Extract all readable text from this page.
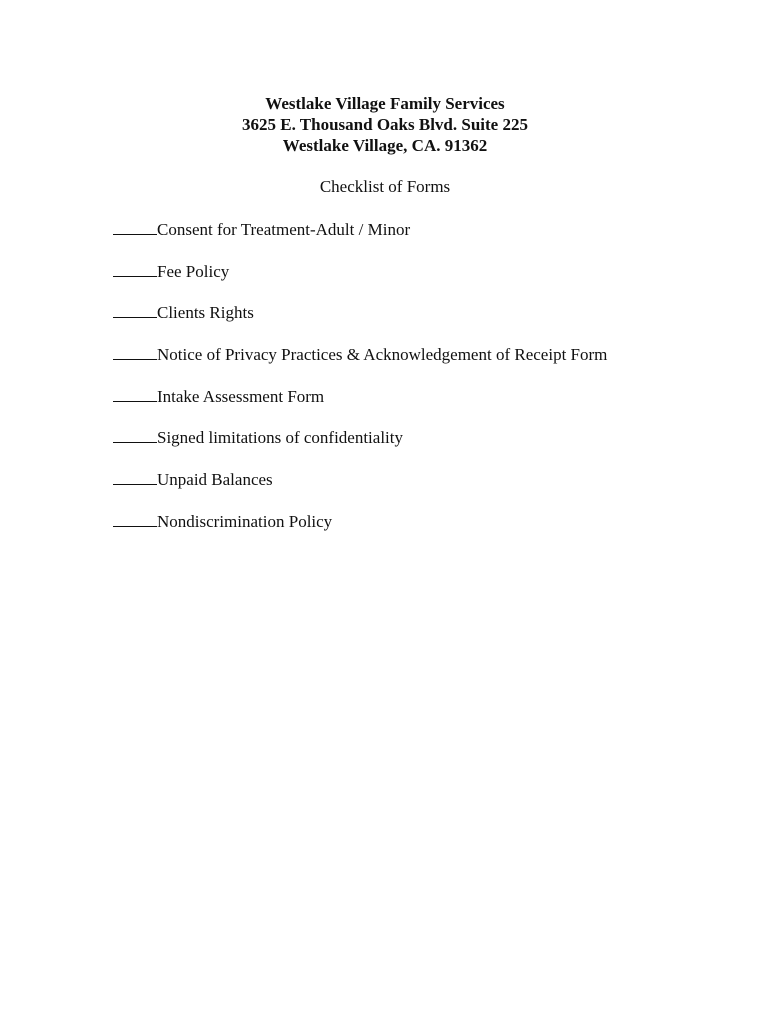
Westlake Village Family Services
3625 E. Thousand Oaks Blvd. Suite 225
Westlake Village, CA. 91362
Checklist of Forms
Consent for Treatment-Adult / Minor
Fee Policy
Clients Rights
Notice of Privacy Practices & Acknowledgement of Receipt Form
Intake Assessment Form
Signed limitations of confidentiality
Unpaid Balances
Nondiscrimination Policy
